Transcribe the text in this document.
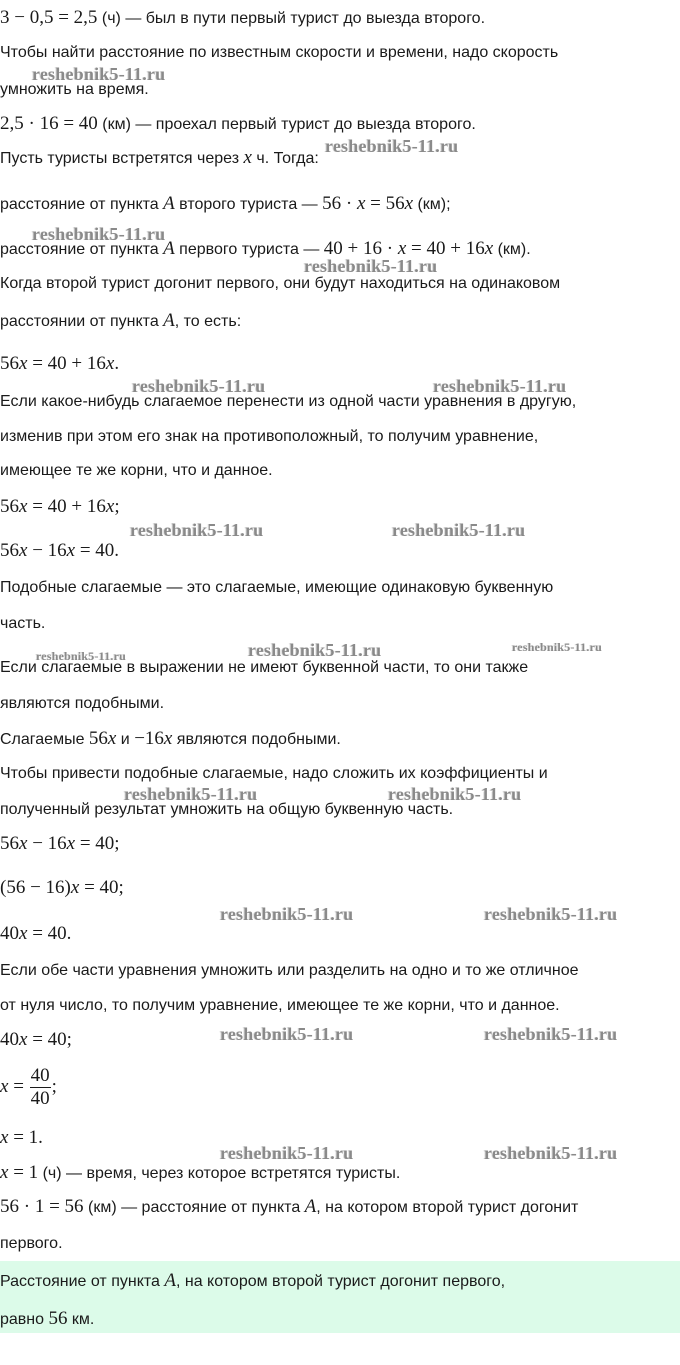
3 − 0,5 = 2,5 (ч) — был в пути первый турист до выезда второго.
Чтобы найти расстояние по известным скорости и времени, надо скорость
умножить на время.
2,5 · 16 = 40 (км) — проехал первый турист до выезда второго.
Пусть туристы встретятся через x ч. Тогда:
расстояние от пункта A второго туриста — 56 · x = 56x (км);
расстояние от пункта A первого туриста — 40 + 16 · x = 40 + 16x (км).
Когда второй турист догонит первого, они будут находиться на одинаковом
расстоянии от пункта A, то есть:
56x = 40 + 16x.
Если какое-нибудь слагаемое перенести из одной части уравнения в другую,
изменив при этом его знак на противоположный, то получим уравнение,
имеющее те же корни, что и данное.
56x = 40 + 16x;
56x − 16x = 40.
Подобные слагаемые — это слагаемые, имеющие одинаковую буквенную
часть.
Если слагаемые в выражении не имеют буквенной части, то они также
являются подобными.
Слагаемые 56x и −16x являются подобными.
Чтобы привести подобные слагаемые, надо сложить их коэффициенты и
полученный результат умножить на общую буквенную часть.
56x − 16x = 40;
(56 − 16)x = 40;
40x = 40.
Если обе части уравнения умножить или разделить на одно и то же отличное
от нуля число, то получим уравнение, имеющее те же корни, что и данное.
40x = 40;
$x = \frac{40}{40}$ ;
x = 1.
x = 1 (ч) — время, через которое встретятся туристы.
56 · 1 = 56 (км) — расстояние от пункта A, на котором второй турист догонит
первого.
Расстояние от пункта A, на котором второй турист догонит первого,
равно 56 км.
reshebnik5-11.ru
reshebnik5-11.ru
reshebnik5-11.ru
reshebnik5-11.ru
reshebnik5-11.ru	reshebnik5-11.ru
reshebnik5-11.ru	reshebnik5-11.ru
reshebnik5-11.ru	reshebnik5-11.ru	reshebnik5-11.ru
reshebnik5-11.ru	reshebnik5-11.ru
reshebnik5-11.ru	reshebnik5-11.ru
reshebnik5-11.ru	reshebnik5-11.ru
reshebnik5-11.ru	reshebnik5-11.ru
